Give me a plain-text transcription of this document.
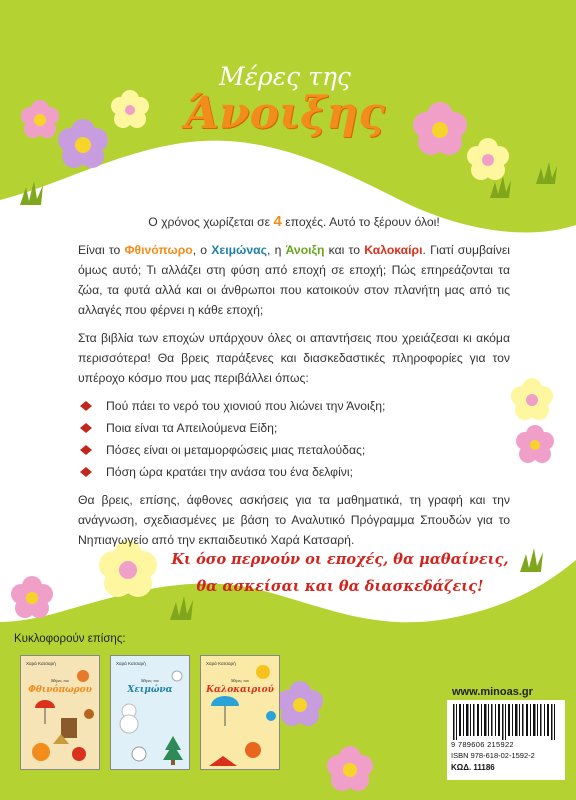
Μέρες της
Άνοιξης

Ο χρόνος χωρίζεται σε 4 εποχές. Αυτό το ξέρουν όλοι!

Είναι το Φθινόπωρο, ο Χειμώνας, η Άνοιξη και το Καλοκαίρι. Γιατί συμβαίνει όμως αυτό; Τι αλλάζει στη φύση από εποχή σε εποχή; Πώς επηρεάζονται τα ζώα, τα φυτά αλλά και οι άνθρωποι που κατοικούν στον πλανήτη μας από τις αλλαγές που φέρνει η κάθε εποχή;

Στα βιβλία των εποχών υπάρχουν όλες οι απαντήσεις που χρειάζεσαι κι ακόμα περισσότερα! Θα βρεις παράξενες και διασκεδαστικές πληροφορίες για τον υπέροχο κόσμο που μας περιβάλλει όπως:

Πού πάει το νερό του χιονιού που λιώνει την Άνοιξη;
Ποια είναι τα Απειλούμενα Είδη;
Πόσες είναι οι μεταμορφώσεις μιας πεταλούδας;
Πόση ώρα κρατάει την ανάσα του ένα δελφίνι;

Θα βρεις, επίσης, άφθονες ασκήσεις για τα μαθηματικά, τη γραφή και την ανάγνωση, σχεδιασμένες με βάση το Αναλυτικό Πρόγραμμα Σπουδών για το Νηπιαγωγείο από την εκπαιδευτικό Χαρά Κατσαρή.

Κι όσο περνούν οι εποχές, θα μαθαίνεις,
θα ασκείσαι και θα διασκεδάζεις!
Κυκλοφορούν επίσης:
Χαρά Κατσαρή
Μέρες του
Φθινόπωρου
Χαρά Κατσαρή
Μέρες του
Χειμώνα
Χαρά Κατσαρή
Μέρες του
Καλοκαιριού	www.minoas.gr
9 789606 215922
ISBN 978-618-02-1592-2
ΚΩΔ. 11186
